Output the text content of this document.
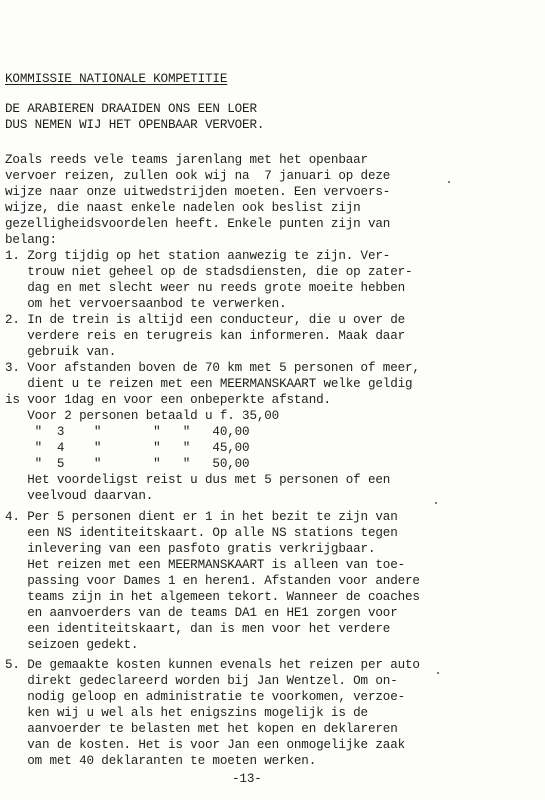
KOMMISSIE NATIONALE KOMPETITIE
DE ARABIEREN DRAAIDEN ONS EEN LOER
DUS NEMEN WIJ HET OPENBAAR VERVOER.
Zoals reeds vele teams jarenlang met het openbaar
vervoer reizen, zullen ook wij na  7 januari op deze
wijze naar onze uitwedstrijden moeten. Een vervoers-
wijze, die naast enkele nadelen ook beslist zijn
gezelligheidsvoordelen heeft. Enkele punten zijn van
belang:
1. Zorg tijdig op het station aanwezig te zijn. Ver-
trouw niet geheel op de stadsdiensten, die op zater-
dag en met slecht weer nu reeds grote moeite hebben
om het vervoersaanbod te verwerken.
2. In de trein is altijd een conducteur, die u over de
verdere reis en terugreis kan informeren. Maak daar
gebruik van.
3. Voor afstanden boven de 70 km met 5 personen of meer,
dient u te reizen met een MEERMANSKAART welke geldig
is voor 1dag en voor een onbeperkte afstand.
Voor 2 personen betaald u f. 35,00
"  3    "       "   "   40,00
"  4    "       "   "   45,00
"  5    "       "   "   50,00
Het voordeligst reist u dus met 5 personen of een
veelvoud daarvan.
4. Per 5 personen dient er 1 in het bezit te zijn van
een NS identiteitskaart. Op alle NS stations tegen
inlevering van een pasfoto gratis verkrijgbaar.
Het reizen met een MEERMANSKAART is alleen van toe-
passing voor Dames 1 en heren1. Afstanden voor andere
teams zijn in het algemeen tekort. Wanneer de coaches
en aanvoerders van de teams DA1 en HE1 zorgen voor
een identiteitskaart, dan is men voor het verdere
seizoen gedekt.
5. De gemaakte kosten kunnen evenals het reizen per auto
direkt gedeclareerd worden bij Jan Wentzel. Om on-
nodig geloop en administratie te voorkomen, verzoe-
ken wij u wel als het enigszins mogelijk is de
aanvoerder te belasten met het kopen en deklareren
van de kosten. Het is voor Jan een onmogelijke zaak
om met 40 deklaranten te moeten werken.
-13-
